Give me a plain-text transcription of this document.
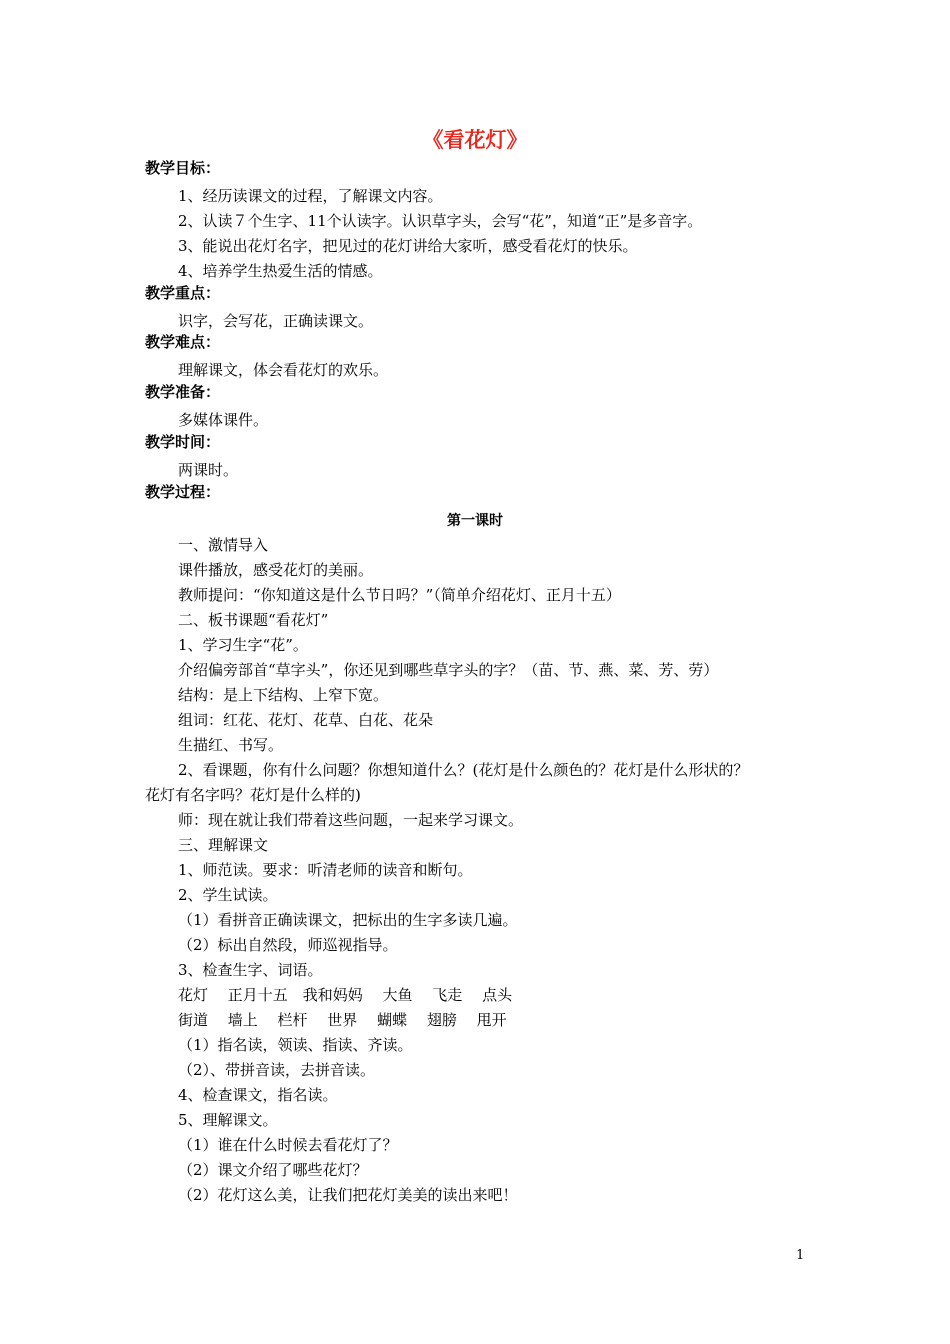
《看花灯》
教学目标：
1、经历读课文的过程，了解课文内容。
2、认读７个生字、11个认读字。认识草字头，会写“花”，知道“正”是多音字。
3、能说出花灯名字，把见过的花灯讲给大家听，感受看花灯的快乐。
4、培养学生热爱生活的情感。
教学重点：
识字，会写花，正确读课文。
教学难点：
理解课文，体会看花灯的欢乐。
教学准备：
多媒体课件。
教学时间：
两课时。
教学过程：
第一课时
一、激情导入
课件播放，感受花灯的美丽。
教师提问：“你知道这是什么节日吗？”（简单介绍花灯、正月十五）
二、板书课题“看花灯”
1、学习生字“花”。
介绍偏旁部首“草字头”，你还见到哪些草字头的字？（苗、节、燕、菜、芳、劳）
结构：是上下结构、上窄下宽。
组词：红花、花灯、花草、白花、花朵
生描红、书写。
2、看课题，你有什么问题？你想知道什么？(花灯是什么颜色的？花灯是什么形状的？
花灯有名字吗？花灯是什么样的)
师：现在就让我们带着这些问题，一起来学习课文。
三、理解课文
1、师范读。要求：听清老师的读音和断句。
2、学生试读。
（1）看拼音正确读课文，把标出的生字多读几遍。
（2）标出自然段，师巡视指导。
3、检查生字、词语。
花灯　 正月十五　我和妈妈　 大鱼　 飞走　 点头
街道　 墙上　 栏杆　 世界　 蝴蝶　 翅膀　 甩开
（1）指名读，领读、指读、齐读。
（2）、带拼音读，去拼音读。
4、检查课文，指名读。
5、理解课文。
（1）谁在什么时候去看花灯了？
（2）课文介绍了哪些花灯？
（2）花灯这么美，让我们把花灯美美的读出来吧！
1
